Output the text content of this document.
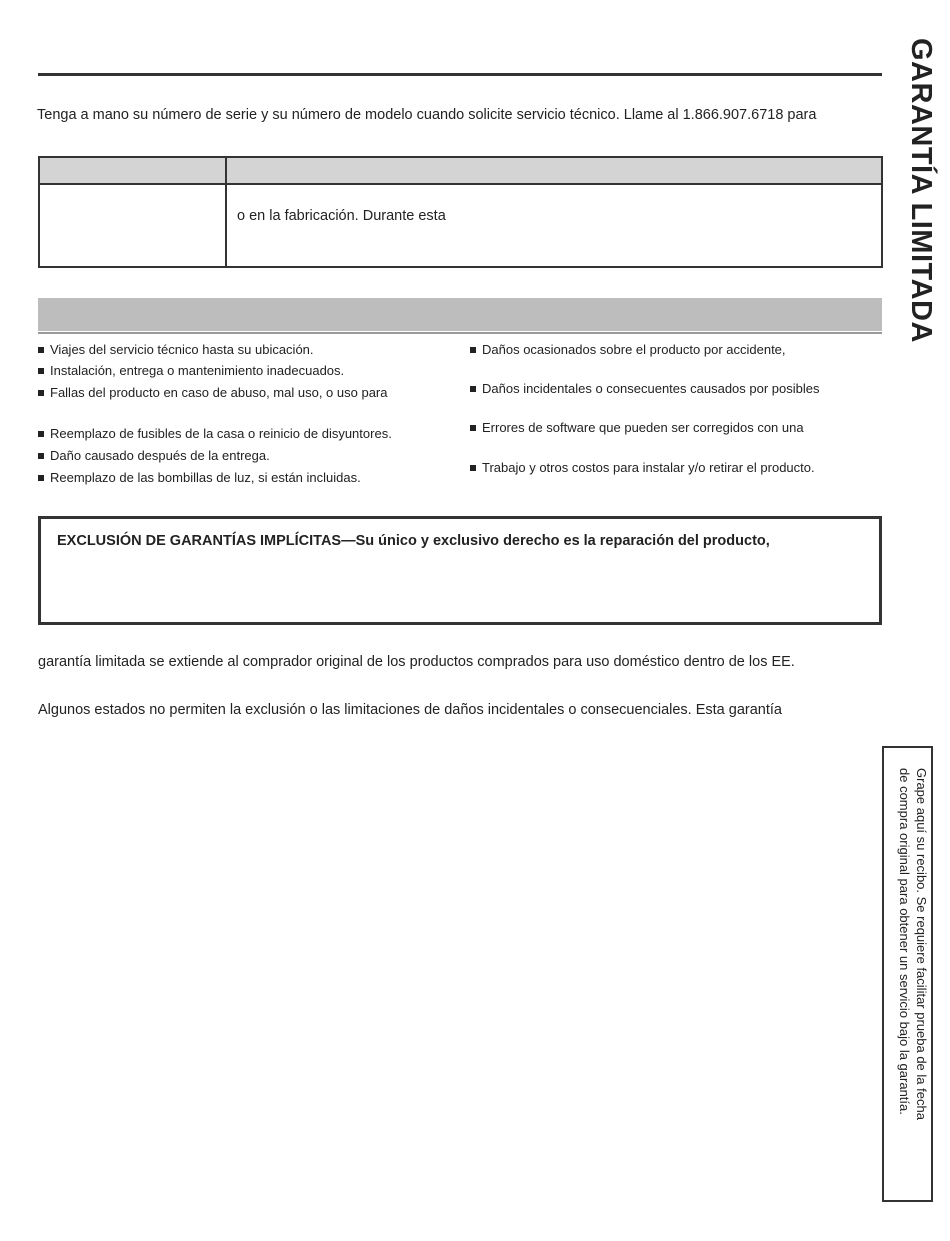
GARANTÍA LIMITADA
Tenga a mano su número de serie y su número de modelo cuando solicite servicio técnico. Llame al 1.866.907.6718 para
o en la fabricación. Durante esta
Viajes del servicio técnico hasta su ubicación.
Instalación, entrega o mantenimiento inadecuados.
Fallas del producto en caso de abuso, mal uso, o uso para
Reemplazo de fusibles de la casa o reinicio de disyuntores.
Daño causado después de la entrega.
Reemplazo de las bombillas de luz, si están incluidas.
Daños ocasionados sobre el producto por accidente,
Daños incidentales o consecuentes causados por posibles
Errores de software que pueden ser corregidos con una
Trabajo y otros costos para instalar y/o retirar el producto.
EXCLUSIÓN DE GARANTÍAS IMPLÍCITAS—Su único y exclusivo derecho es la reparación del producto,
garantía limitada se extiende al comprador original de los productos comprados para uso doméstico dentro de los EE.
Algunos estados no permiten la exclusión o las limitaciones de daños incidentales o consecuenciales. Esta garantía
Grape aquí su recibo. Se requiere facilitar prueba de la fecha
de compra original para obtener un servicio bajo la garantía.
